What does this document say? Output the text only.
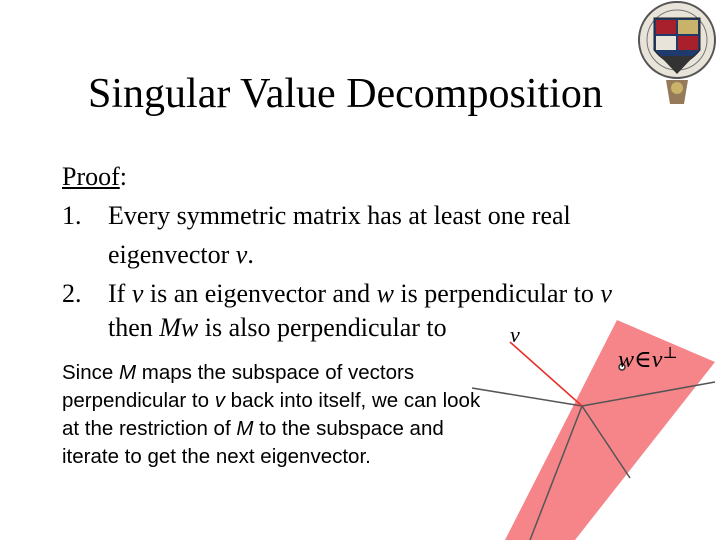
Singular Value Decomposition
Proof:
1. Every symmetric matrix has at least one real
eigenvector v.
2. If v is an eigenvector and w is perpendicular to v
then Mw is also perpendicular to	v
w∈v⊥

Since M maps the subspace of vectors perpendicular to v back into itself, we can look at the restriction of M to the subspace and iterate to get the next eigenvector.
